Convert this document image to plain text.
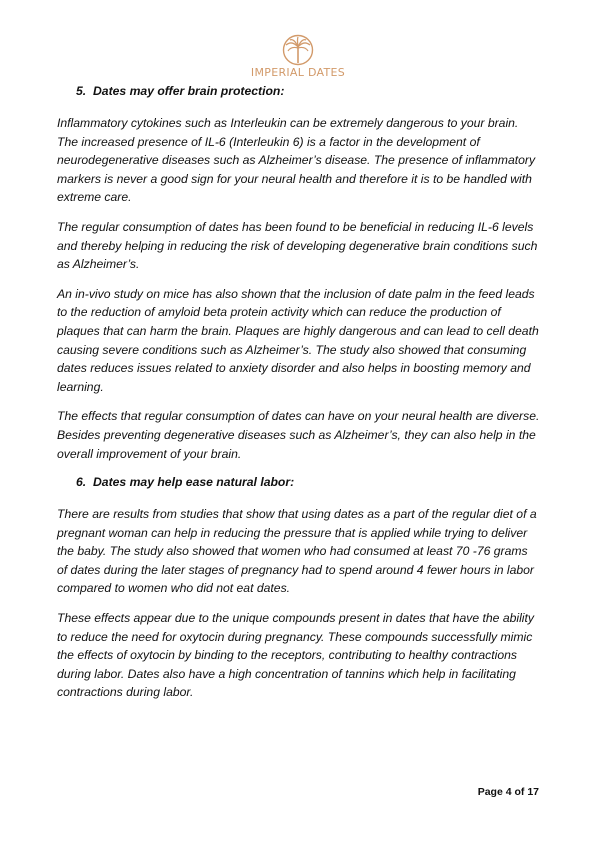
IMPERIAL DATES
5. Dates may offer brain protection:

Inflammatory cytokines such as Interleukin can be extremely dangerous to your brain. The increased presence of IL-6 (Interleukin 6) is a factor in the development of neurodegenerative diseases such as Alzheimer’s disease. The presence of inflammatory markers is never a good sign for your neural health and therefore it is to be handled with extreme care.

The regular consumption of dates has been found to be beneficial in reducing IL-6 levels and thereby helping in reducing the risk of developing degenerative brain conditions such as Alzheimer’s.

An in-vivo study on mice has also shown that the inclusion of date palm in the feed leads to the reduction of amyloid beta protein activity which can reduce the production of plaques that can harm the brain. Plaques are highly dangerous and can lead to cell death causing severe conditions such as Alzheimer’s. The study also showed that consuming dates reduces issues related to anxiety disorder and also helps in boosting memory and learning.

The effects that regular consumption of dates can have on your neural health are diverse. Besides preventing degenerative diseases such as Alzheimer’s, they can also help in the overall improvement of your brain.

6. Dates may help ease natural labor:

There are results from studies that show that using dates as a part of the regular diet of a pregnant woman can help in reducing the pressure that is applied while trying to deliver the baby. The study also showed that women who had consumed at least 70 -76 grams of dates during the later stages of pregnancy had to spend around 4 fewer hours in labor compared to women who did not eat dates.

These effects appear due to the unique compounds present in dates that have the ability to reduce the need for oxytocin during pregnancy. These compounds successfully mimic the effects of oxytocin by binding to the receptors, contributing to healthy contractions during labor. Dates also have a high concentration of tannins which help in facilitating contractions during labor.

Page 4 of 17
